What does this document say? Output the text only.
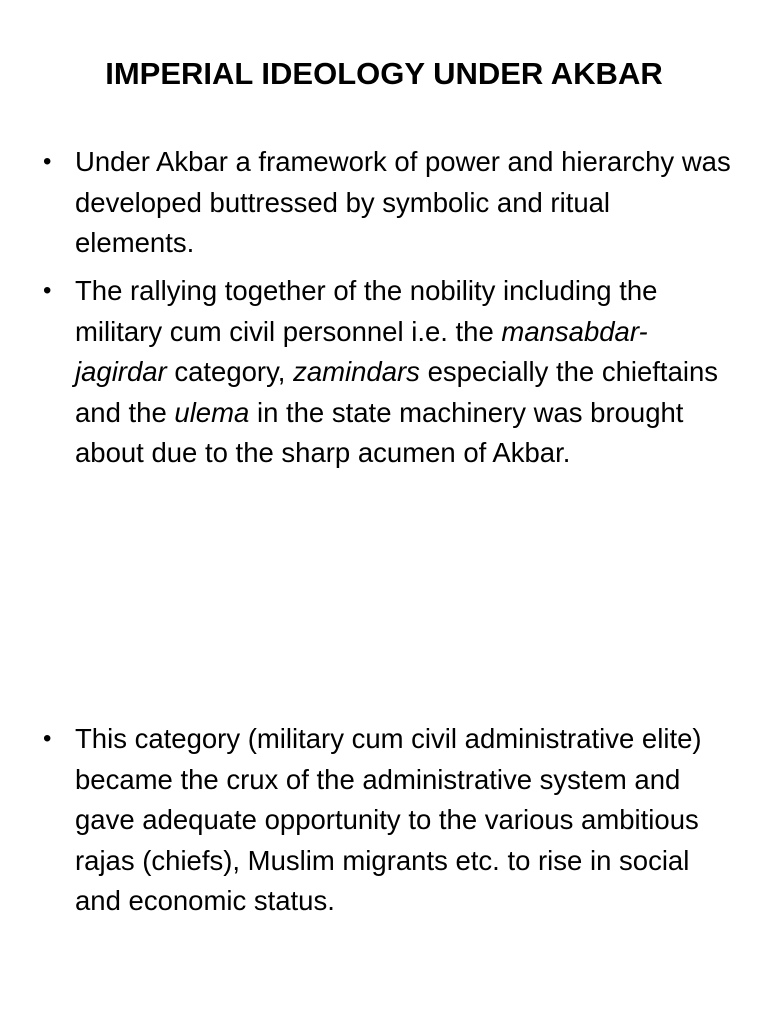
IMPERIAL IDEOLOGY UNDER AKBAR
• Under Akbar a framework of power and hierarchy was developed buttressed by symbolic and ritual elements.
• The rallying together of the nobility including the military cum civil personnel i.e. the mansabdar-jagirdar category, zamindars especially the chieftains and the ulema in the state machinery was brought about due to the sharp acumen of Akbar.
• This category (military cum civil administrative elite) became the crux of the administrative system and gave adequate opportunity to the various ambitious rajas (chiefs), Muslim migrants etc. to rise in social and economic status.
